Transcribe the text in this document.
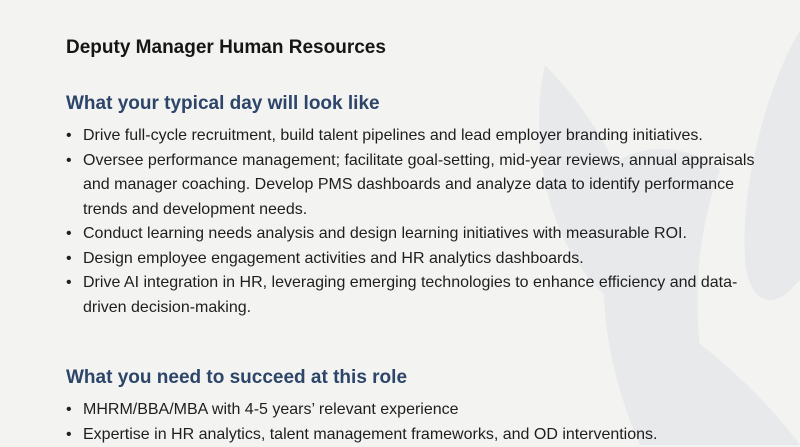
Deputy Manager Human Resources
What your typical day will look like
• Drive full-cycle recruitment, build talent pipelines and lead employer branding initiatives.
• Oversee performance management; facilitate goal-setting, mid-year reviews, annual appraisals and manager coaching. Develop PMS dashboards and analyze data to identify performance trends and development needs.
• Conduct learning needs analysis and design learning initiatives with measurable ROI.
• Design employee engagement activities and HR analytics dashboards.
• Drive AI integration in HR, leveraging emerging technologies to enhance efficiency and data-driven decision-making.
What you need to succeed at this role
• MHRM/BBA/MBA with 4-5 years’ relevant experience
• Expertise in HR analytics, talent management frameworks, and OD interventions.
